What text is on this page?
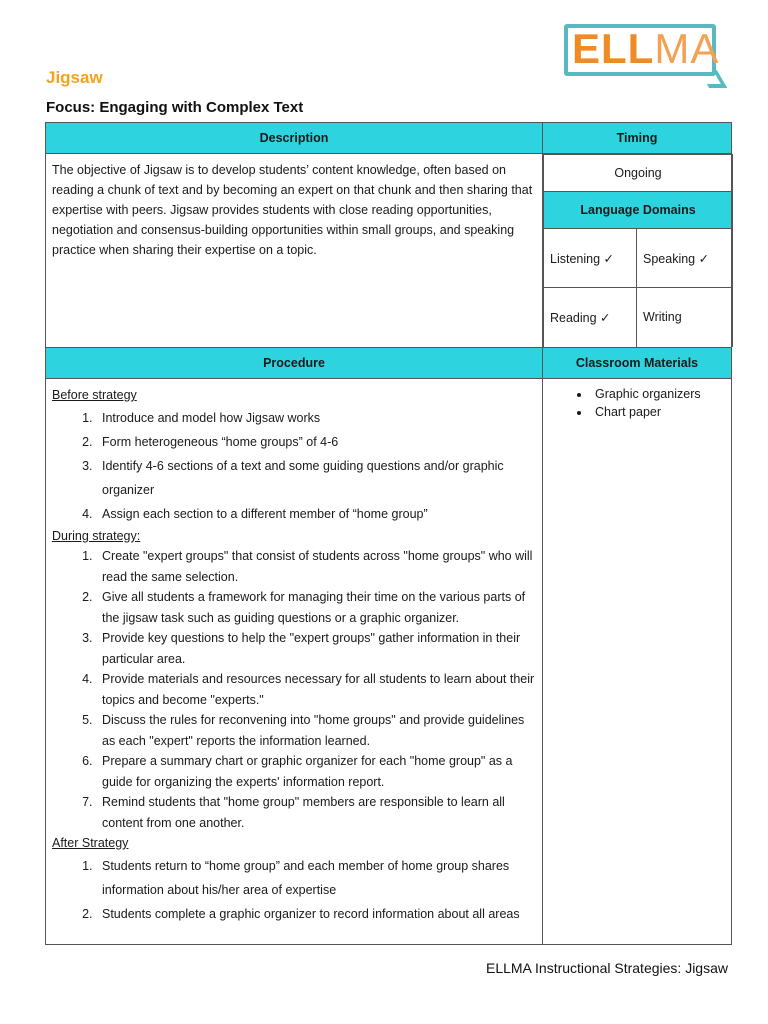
ELLMA
Jigsaw
Focus: Engaging with Complex Text
Description	Timing
The objective of Jigsaw is to develop students’ content knowledge, often based on reading a chunk of text and by becoming an expert on that chunk and then sharing that expertise with peers. Jigsaw provides students with close reading opportunities, negotiation and consensus-building opportunities within small groups, and speaking practice when sharing their expertise on a topic.	
Ongoing
Language Domains
Listening ✓	Speaking ✓
Reading ✓	Writing

Procedure	Classroom Materials

Before strategy
1. Introduce and model how Jigsaw works
2. Form heterogeneous “home groups” of 4-6
3. Identify 4-6 sections of a text and some guiding questions and/or graphic organizer
4. Assign each section to a different member of “home group”
During strategy:
1. Create "expert groups" that consist of students across "home groups" who will read the same selection.
2. Give all students a framework for managing their time on the various parts of the jigsaw task such as guiding questions or a graphic organizer.
3. Provide key questions to help the "expert groups" gather information in their particular area.
4. Provide materials and resources necessary for all students to learn about their topics and become "experts."
5. Discuss the rules for reconvening into "home groups" and provide guidelines as each "expert" reports the information learned.
6. Prepare a summary chart or graphic organizer for each "home group" as a guide for organizing the experts' information report.
7. Remind students that "home group" members are responsible to learn all content from one another.
After Strategy
1. Students return to “home group” and each member of home group shares information about his/her area of expertise
2. Students complete a graphic organizer to record information about all areas

• Graphic organizers
• Chart paper
ELLMA Instructional Strategies: Jigsaw
